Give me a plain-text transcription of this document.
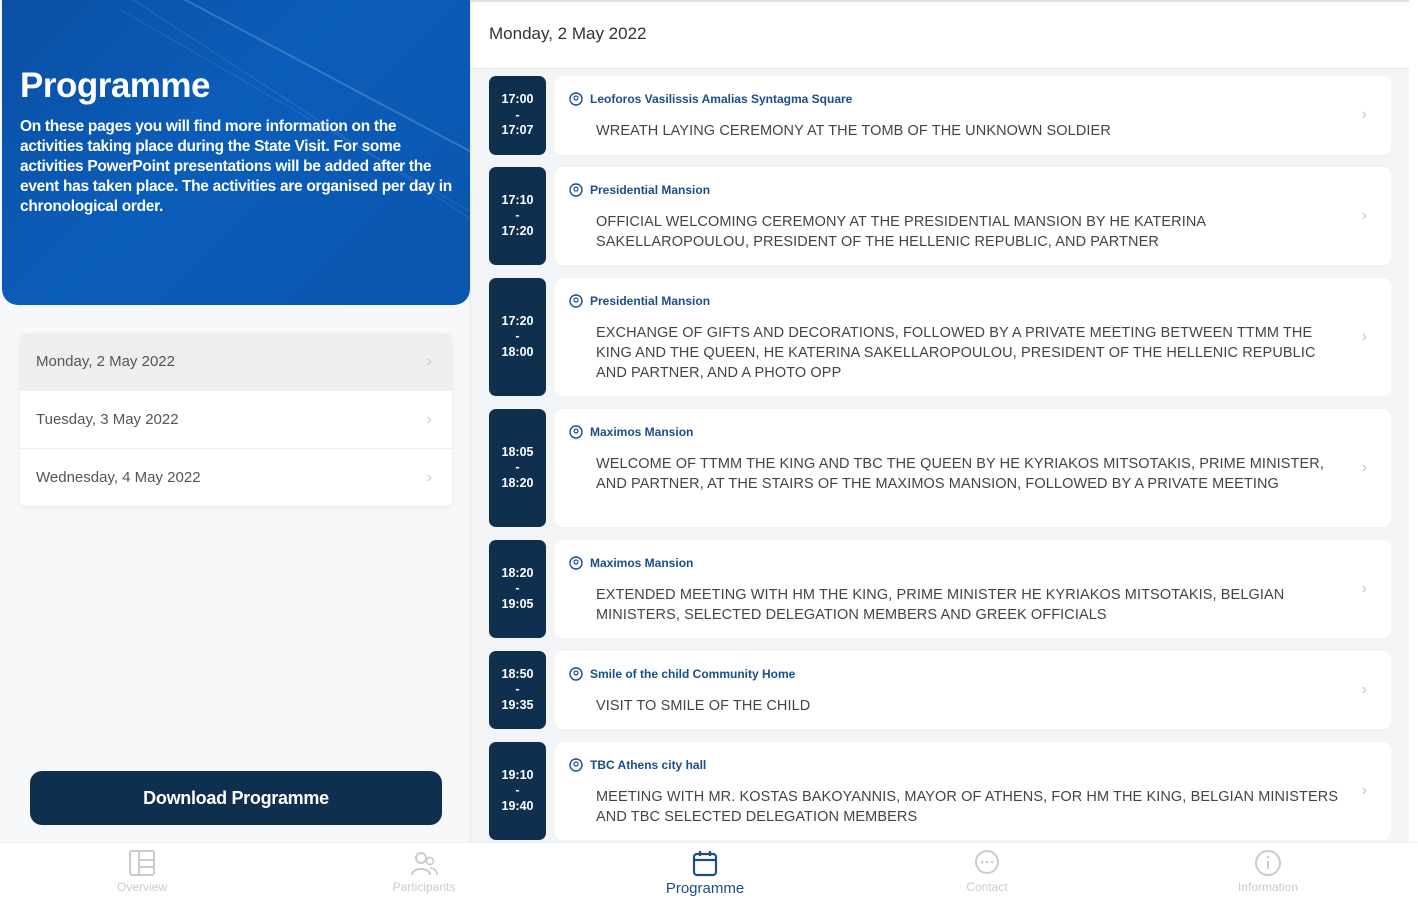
Programme

On these pages you will find more information on the activities taking place during the State Visit. For some activities PowerPoint presentations will be added after the event has taken place. The activities are organised per day in chronological order.

Monday, 2 May 2022	›
Tuesday, 3 May 2022	›
Wednesday, 4 May 2022	›
Download Programme
Monday, 2 May 2022
17:00
-
17:07
Leoforos Vasilissis Amalias Syntagma Square
WREATH LAYING CEREMONY AT THE TOMB OF THE UNKNOWN SOLDIER
›
17:10
-
17:20
Presidential Mansion
OFFICIAL WELCOMING CEREMONY AT THE PRESIDENTIAL MANSION BY HE KATERINA SAKELLAROPOULOU, PRESIDENT OF THE HELLENIC REPUBLIC, AND PARTNER
›
17:20
-
18:00
Presidential Mansion
EXCHANGE OF GIFTS AND DECORATIONS, FOLLOWED BY A PRIVATE MEETING BETWEEN TTMM THE KING AND THE QUEEN, HE KATERINA SAKELLAROPOULOU, PRESIDENT OF THE HELLENIC REPUBLIC AND PARTNER, AND A PHOTO OPP
›
18:05
-
18:20
Maximos Mansion
WELCOME OF TTMM THE KING AND TBC THE QUEEN BY HE KYRIAKOS MITSOTAKIS, PRIME MINISTER, AND PARTNER, AT THE STAIRS OF THE MAXIMOS MANSION, FOLLOWED BY A PRIVATE MEETING
›
18:20
-
19:05
Maximos Mansion
EXTENDED MEETING WITH HM THE KING, PRIME MINISTER HE KYRIAKOS MITSOTAKIS, BELGIAN MINISTERS, SELECTED DELEGATION MEMBERS AND GREEK OFFICIALS
›
18:50
-
19:35
Smile of the child Community Home
VISIT TO SMILE OF THE CHILD
›
19:10
-
19:40
TBC Athens city hall
MEETING WITH MR. KOSTAS BAKOYANNIS, MAYOR OF ATHENS, FOR HM THE KING, BELGIAN MINISTERS AND TBC SELECTED DELEGATION MEMBERS
›
Overview	Participants	Programme	Contact	Information
